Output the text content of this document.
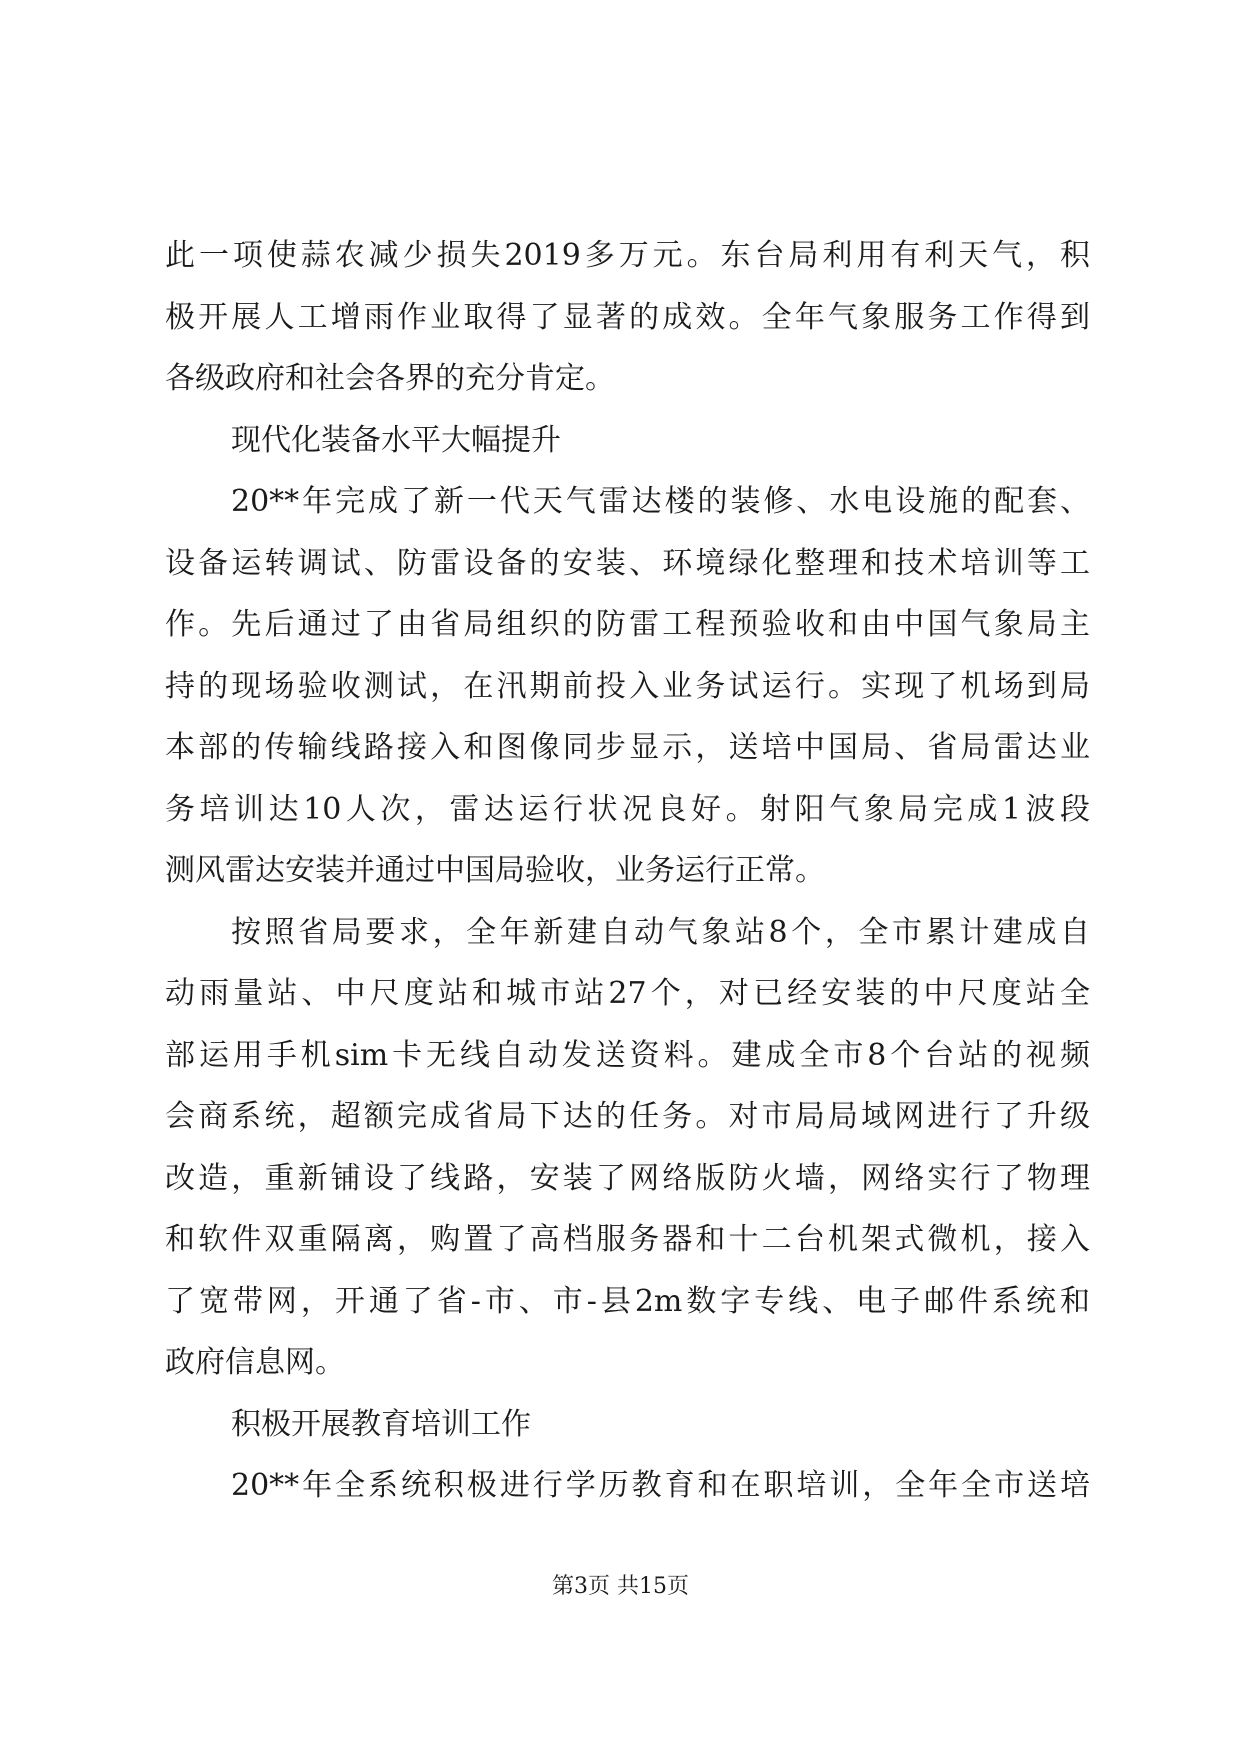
此一项使蒜农减少损失2019多万元。东台局利用有利天气，积
极开展人工增雨作业取得了显著的成效。全年气象服务工作得到
各级政府和社会各界的充分肯定。
现代化装备水平大幅提升
20**年完成了新一代天气雷达楼的装修、水电设施的配套、
设备运转调试、防雷设备的安装、环境绿化整理和技术培训等工
作。先后通过了由省局组织的防雷工程预验收和由中国气象局主
持的现场验收测试，在汛期前投入业务试运行。实现了机场到局
本部的传输线路接入和图像同步显示，送培中国局、省局雷达业
务培训达10人次，雷达运行状况良好。射阳气象局完成1波段
测风雷达安装并通过中国局验收，业务运行正常。
按照省局要求，全年新建自动气象站8个，全市累计建成自
动雨量站、中尺度站和城市站27个，对已经安装的中尺度站全
部运用手机sim卡无线自动发送资料。建成全市8个台站的视频
会商系统，超额完成省局下达的任务。对市局局域网进行了升级
改造，重新铺设了线路，安装了网络版防火墙，网络实行了物理
和软件双重隔离，购置了高档服务器和十二台机架式微机，接入
了宽带网，开通了省-市、市-县2m数字专线、电子邮件系统和
政府信息网。
积极开展教育培训工作
20**年全系统积极进行学历教育和在职培训，全年全市送培
第3页 共15页
